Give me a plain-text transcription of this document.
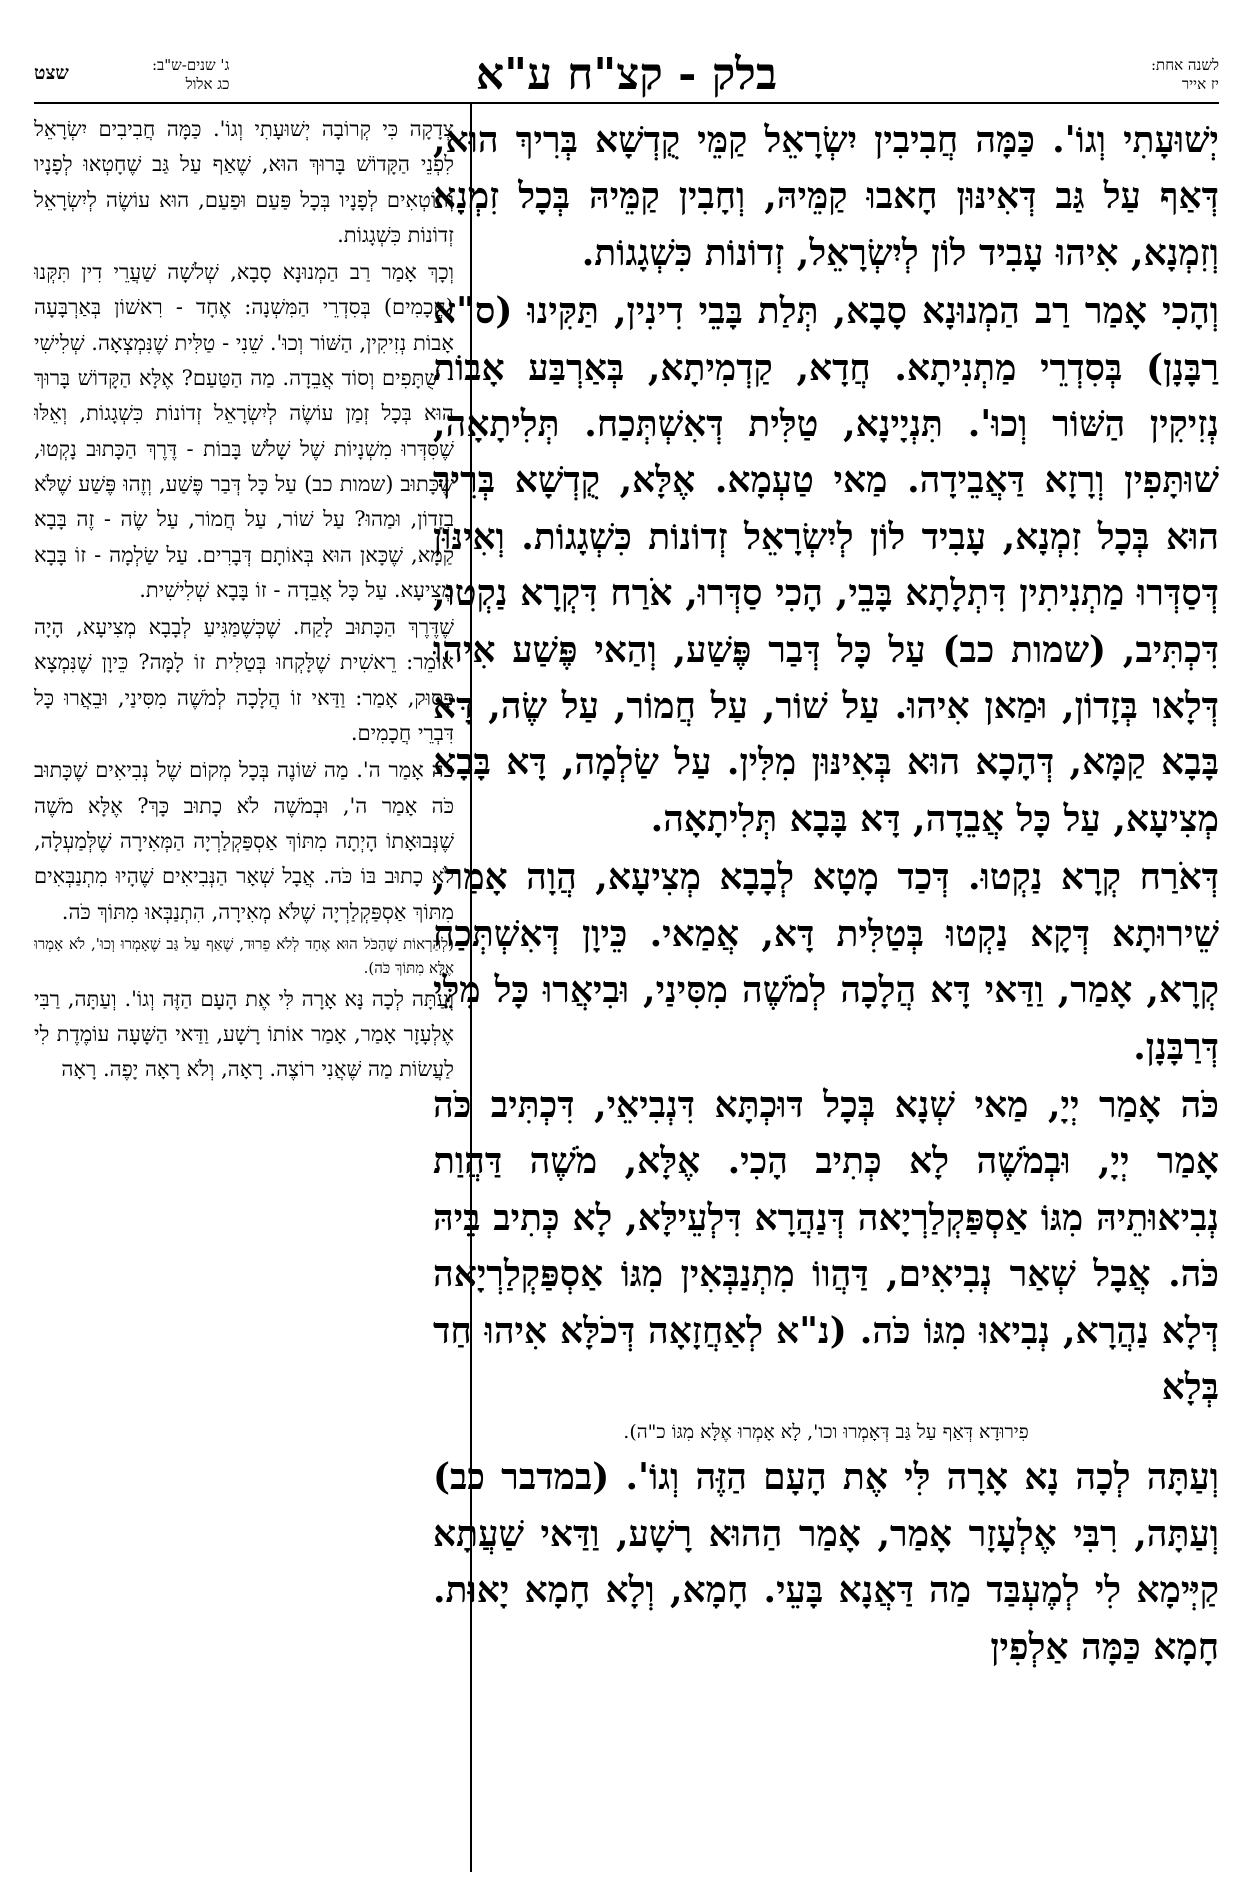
בלק - קצ"ח ע"א	לשנה אחת:
יז אייר
ג' שנים-ש"ב:
כג אלול
שצט

יְשׁוּעָתִי וְגוֹ'. כַּמָּה חֲבִיבִין יִשְׂרָאֵל קַמֵּי קֻדְשָׁא בְּרִיךְ הוּא, דְּאַף עַל גַּב דְּאִינּוּן חָאבוּ קַמֵּיהּ, וְחָבִין קַמֵּיהּ בְּכָל זִמְנָא וְזִמְנָא, אִיהוּ עָבִיד לוֹן לְיִשְׂרָאֵל, זְדוֹנוֹת כִּשְׁגָגוֹת.

וְהָכִי אָמַר רַב הַמְנוּנָא סָבָא, תְּלַת בָּבֵי דִינִין, תַּקִּינוּ (ס"א רַבָּנָן) בְּסִדְרֵי מַתְנִיתָא. חֲדָא, קַדְמִיתָא, בְּאַרְבַּע אָבוֹת נְזִיקִין הַשּׁוֹר וְכוּ'. תִּנְיָינָא, טַלִּית דְּאִשְׁתְּכַח. תְּלִיתָאָה, שׁוּתָּפִין וְרָזָא דַּאֲבֵידָה. מַאי טַעְמָא. אֶלָּא, קֻדְשָׁא בְּרִיךְ הוּא בְּכָל זִמְנָא, עָבִיד לוֹן לְיִשְׂרָאֵל זְדוֹנוֹת כִּשְׁגָגוֹת. וְאִינּוּן דְּסַדְּרוּ מַתְנִיתִין דִּתְלָתָא בָּבֵי, הָכִי סַדְּרוּ, אֹרַח דִּקְרָא נַקְטוּ, דִּכְתִּיב, (שמות כב) עַל כָּל דְּבַר פֶּשַׁע, וְהַאי פֶּשַׁע אִיהוּ דְּלָאו בְּזָדוֹן, וּמַאן אִיהוּ. עַל שׁוֹר, עַל חֲמוֹר, עַל שֶׂה, דָּא בָּבָא קַמָּא, דְּהָכָא הוּא בְּאִינּוּן מִלִּין. עַל שַׂלְמָה, דָּא בָּבָא מְצִיעָא, עַל כָּל אֲבֵדָה, דָּא בָּבָא תְּלִיתָאָה.

דְּאֹרַח קְרָא נַקְטוּ. דְּכַד מָטָא לְבָבָא מְצִיעָא, הֲוָה אָמַר, שֵׁירוּתָא דְּקָא נַקְטוּ בְּטַלִּית דָּא, אֲמַאי. כֵּיוָן דְּאִשְׁתְּכַח קְרָא, אָמַר, וַדַּאי דָּא הֲלָכָה לְמֹשֶׁה מִסִּינַי, וּבִיאֲרוּ כָּל מִלֵּי דְּרַבָּנָן.

כֹּה אָמַר יְיָ, מַאי שְׁנָא בְּכָל דּוּכְתָּא דִּנְבִיאֵי, דִּכְתִּיב כֹּה אָמַר יְיָ, וּבְמֹשֶׁה לָא כְּתִיב הָכִי. אֶלָּא, מֹשֶׁה דַּהֲוַת נְבִיאוּתֵיהּ מִגּוֹ אַסְפַּקְלַרְיָאה דְּנַהֲרָא דִּלְעֵילָּא, לָא כְּתִיב בֵּיהּ כֹּה. אֲבָל שְׁאַר נְבִיאִים, דַּהֲווֹ מִתְנַבְּאִין מִגּוֹ אַסְפַּקְלַרְיָאה דְּלָא נַהֲרָא, נְבִיאוּ מִגּוֹ כֹּה. (נ"א לְאַחֲזָאָה דְּכֹלָּא אִיהוּ חַד בְּלָא

פִירוּדָא דְּאַף עַל גַּב דְּאָמְרוּ וכו', לָא אָמְרוּ אֶלָּא מִגּוֹ כ"ה).

וְעַתָּה לְכָה נָא אָרָה לִּי אֶת הָעָם הַזֶּה וְגוֹ'. (במדבר כב) וְעַתָּה, רִבִּי אֶלְעָזָר אָמַר, אָמַר הַהוּא רָשָׁע, וַדַּאי שַׁעֲתָא קַיְּימָא לִי לְמֶעְבַּד מַה דַּאֲנָא בָּעֵי. חָמָא, וְלָא חָמָא יָאוּת. חָמָא כַּמָּה אַלְפִין

צְדָקָה כִּי קְרוֹבָה יְשׁוּעָתִי וְגוֹ'. כַּמָּה חֲבִיבִים יִשְׂרָאֵל לִפְנֵי הַקָּדוֹשׁ בָּרוּךְ הוּא, שֶׁאַף עַל גַּב שֶׁחָטְאוּ לְפָנָיו וְחוֹטְאִים לְפָנָיו בְּכָל פַּעַם וּפַעַם, הוּא עוֹשֶׂה לְיִשְׂרָאֵל זְדוֹנוֹת כִּשְׁגָגוֹת.

וְכָךְ אָמַר רַב הַמְנוּנָא סָבָא, שְׁלֹשָׁה שַׁעֲרֵי דִין תִּקְּנוּ (חֲכָמִים) בְּסִדְרֵי הַמִּשְׁנָה: אֶחָד - רִאשׁוֹן בְּאַרְבָּעָה אָבוֹת נְזִיקִין, הַשּׁוֹר וְכוּ'. שֵׁנִי - טַלִּית שֶׁנִּמְצְאָה. שְׁלִישִׁי - שֻׁתָּפִים וְסוֹד אֲבֵדָה. מַה הַטַּעַם? אֶלָּא הַקָּדוֹשׁ בָּרוּךְ הוּא בְּכָל זְמַן עוֹשֶׂה לְיִשְׂרָאֵל זְדוֹנוֹת כִּשְׁגָגוֹת, וְאֵלּוּ שֶׁסִּדְּרוּ מִשְׁנָיוֹת שֶׁל שָׁלֹשׁ בָּבוֹת - דֶּרֶךְ הַכָּתוּב נָקְטוּ, שֶׁכָּתוּב (שמות כב) עַל כָּל דְּבַר פֶּשַׁע, וְזֶהוּ פֶּשַׁע שֶׁלֹּא בְזָדוֹן, וּמַהוּ? עַל שׁוֹר, עַל חֲמוֹר, עַל שֶׂה - זֶה בָּבָא קַמָּא, שֶׁכָּאן הוּא בְּאוֹתָם דְּבָרִים. עַל שַׂלְמָה - זוֹ בָּבָא מְצִיעָא. עַל כָּל אֲבֵדָה - זוֹ בָּבָא שְׁלִישִׁית.

שֶׁדֶּרֶךְ הַכָּתוּב לָקַח. שֶׁכְּשֶׁמַּגִּיעַ לְבָבָא מְצִיעָא, הָיָה אוֹמֵר: רֵאשִׁית שֶׁלָּקְחוּ בְּטַלִּית זוֹ לָמָּה? כֵּיוָן שֶׁנִּמְצָא פָּסוּק, אָמַר: וַדַּאי זוֹ הֲלָכָה לְמֹשֶׁה מִסִּינַי, וּבֵאֲרוּ כָּל דִּבְרֵי חֲכָמִים.

כֹּה אָמַר ה'. מַה שּׁוֹנֶה בְּכָל מְקוֹם שֶׁל נְבִיאִים שֶׁכָּתוּב כֹּה אָמַר ה', וּבְמֹשֶׁה לֹא כָתוּב כָּךְ? אֶלָּא מֹשֶׁה שֶׁנְּבוּאָתוֹ הָיְתָה מִתּוֹךְ אַסְפַּקְלַרְיָה הַמְּאִירָה שֶׁלְּמַעְלָה, לֹא כָתוּב בּוֹ כֹּה. אֲבָל שְׁאָר הַנְּבִיאִים שֶׁהָיוּ מִתְנַבְּאִים מִתּוֹךְ אַסְפַּקְלַרְיָה שֶׁלֹּא מְאִירָה, הִתְנַבְּאוּ מִתּוֹךְ כֹּה.

(לְהַרְאוֹת שֶׁהַכֹּל הוּא אֶחָד לְלֹא פֵרוּד, שֶׁאַף עַל גַּב שֶׁאָמְרוּ וְכוּ', לֹא אָמְרוּ אֶלָּא מִתּוֹךְ כֹּה).

וְעַתָּה לְכָה נָּא אָרָה לִּי אֶת הָעָם הַזֶּה וְגוֹ'. וְעַתָּה, רַבִּי אֶלְעָזָר אָמַר, אָמַר אוֹתוֹ רָשָׁע, וַדַּאי הַשָּׁעָה עוֹמֶדֶת לִי לַעֲשׂוֹת מַה שֶּׁאֲנִי רוֹצֶה. רָאָה, וְלֹא רָאָה יָפֶה. רָאָה
